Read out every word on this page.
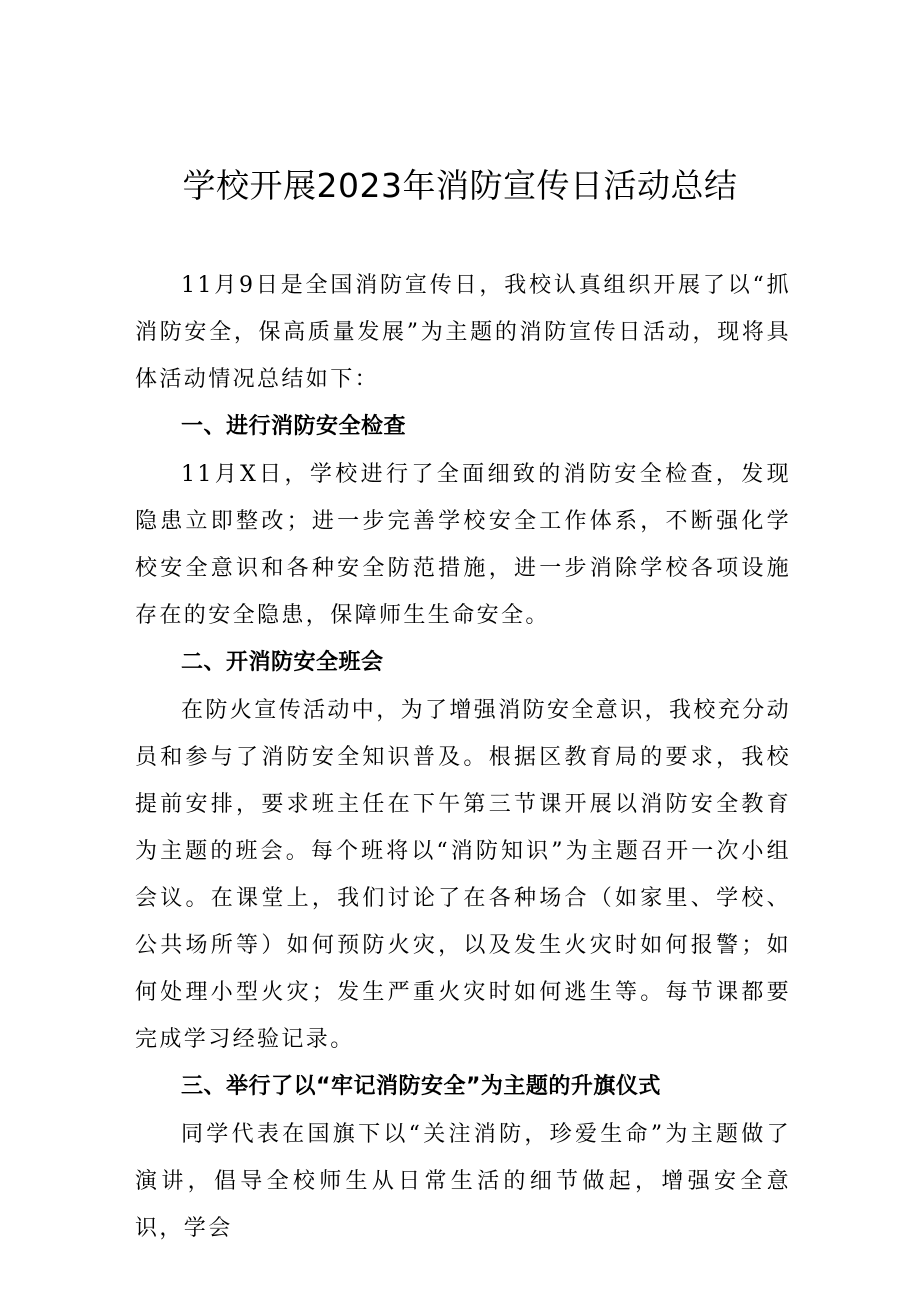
学校开展2023年消防宣传日活动总结

11月9日是全国消防宣传日，我校认真组织开展了以“抓消防安全，保高质量发展”为主题的消防宣传日活动，现将具体活动情况总结如下：

一、进行消防安全检查

11月X日，学校进行了全面细致的消防安全检查，发现隐患立即整改；进一步完善学校安全工作体系，不断强化学校安全意识和各种安全防范措施，进一步消除学校各项设施存在的安全隐患，保障师生生命安全。

二、开消防安全班会

在防火宣传活动中，为了增强消防安全意识，我校充分动员和参与了消防安全知识普及。根据区教育局的要求，我校提前安排，要求班主任在下午第三节课开展以消防安全教育为主题的班会。每个班将以“消防知识”为主题召开一次小组会议。在课堂上，我们讨论了在各种场合（如家里、学校、公共场所等）如何预防火灾，以及发生火灾时如何报警；如何处理小型火灾；发生严重火灾时如何逃生等。每节课都要完成学习经验记录。

三、举行了以“牢记消防安全”为主题的升旗仪式

同学代表在国旗下以“关注消防，珍爱生命”为主题做了演讲，倡导全校师生从日常生活的细节做起，增强安全意识，学会
